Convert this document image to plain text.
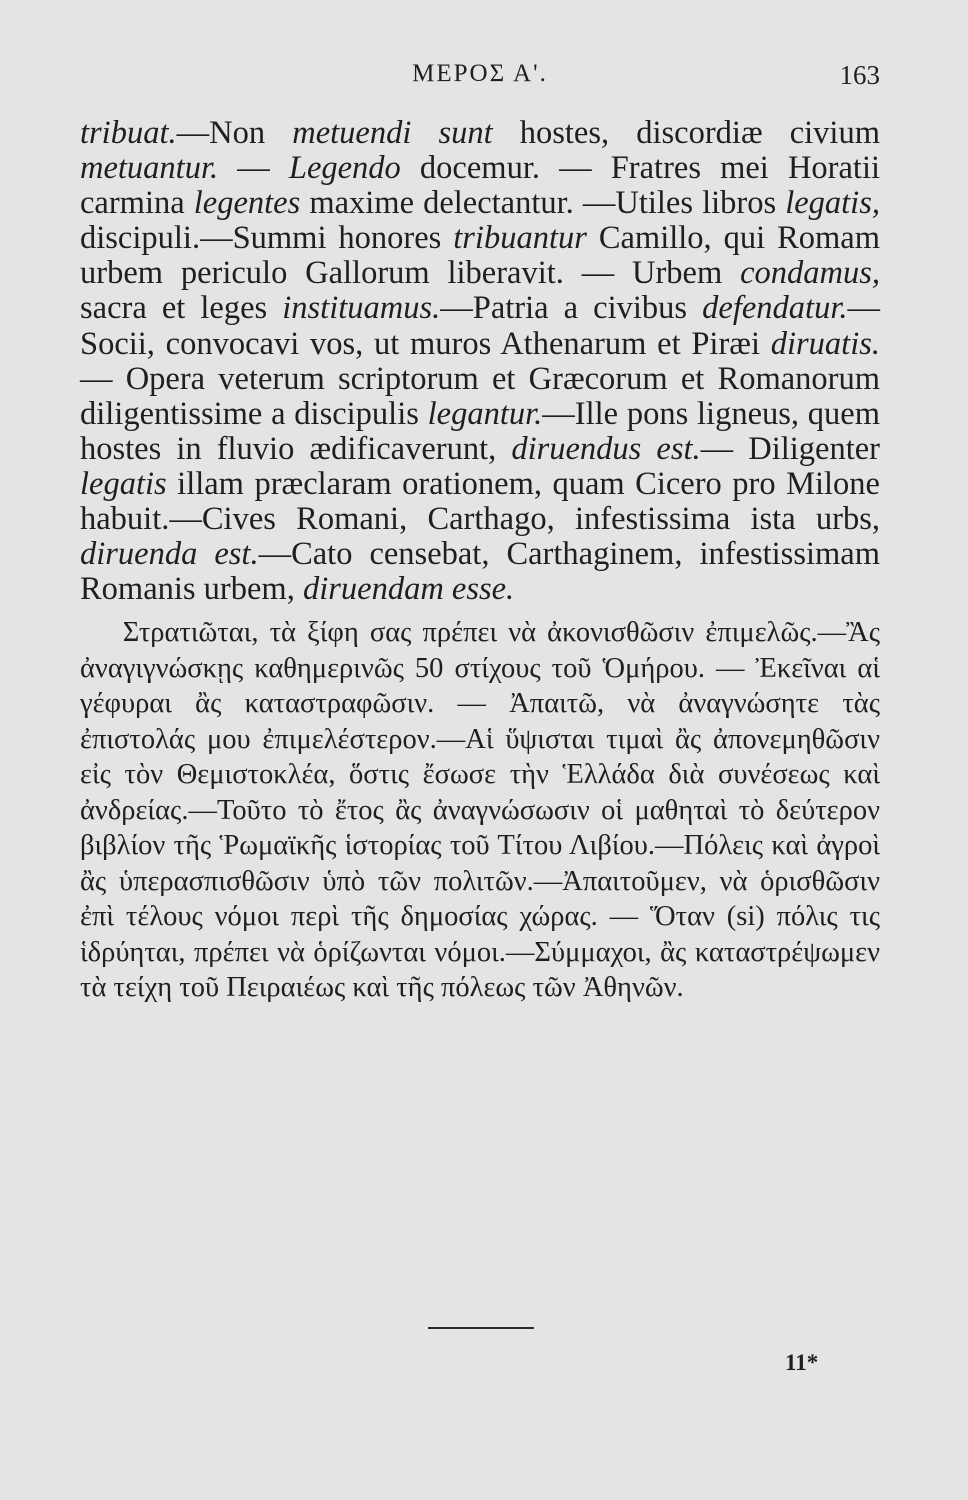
ΜΕΡΟΣ Α'.	163

tribuat.—Non metuendi sunt hostes, discordiæ civium metuantur. — Legendo docemur. — Fratres mei Horatii carmina legentes maxime delectantur. —Utiles libros legatis, discipuli.—Summi honores tribuantur Camillo, qui Romam urbem periculo Gallorum liberavit. — Urbem condamus, sacra et leges instituamus.—Patria a civibus defendatur.— Socii, convocavi vos, ut muros Athenarum et Piræi diruatis.— Opera veterum scriptorum et Græcorum et Romanorum diligentissime a discipulis legantur.—Ille pons ligneus, quem hostes in fluvio ædificaverunt, diruendus est.— Diligenter legatis illam præclaram orationem, quam Cicero pro Milone habuit.—Cives Romani, Carthago, infestissima ista urbs, diruenda est.—Cato censebat, Carthaginem, infestissimam Romanis urbem, diruendam esse.

Στρατιῶται, τὰ ξίφη σας πρέπει νὰ ἀκονισθῶσιν ἐπιμελῶς.—Ἂς ἀναγιγνώσκῃς καθημερινῶς 50 στίχους τοῦ Ὁμήρου. — Ἐκεῖναι αἱ γέφυραι ἂς καταστραφῶσιν. — Ἀπαιτῶ, νὰ ἀναγνώσητε τὰς ἐπιστολάς μου ἐπιμελέστερον.—Αἱ ὕψισται τιμαὶ ἂς ἀπονεμηθῶσιν εἰς τὸν Θεμιστοκλέα, ὅστις ἔσωσε τὴν Ἑλλάδα διὰ συνέσεως καὶ ἀνδρείας.—Τοῦτο τὸ ἔτος ἂς ἀναγνώσωσιν οἱ μαθηταὶ τὸ δεύτερον βιβλίον τῆς Ῥωμαϊκῆς ἱστορίας τοῦ Τίτου Λιβίου.—Πόλεις καὶ ἀγροὶ ἂς ὑπερασπισθῶσιν ὑπὸ τῶν πολιτῶν.—Ἀπαιτοῦμεν, νὰ ὁρισθῶσιν ἐπὶ τέλους νόμοι περὶ τῆς δημοσίας χώρας. — Ὅταν (si) πόλις τις ἱδρύηται, πρέπει νὰ ὁρίζωνται νόμοι.—Σύμμαχοι, ἂς καταστρέψωμεν τὰ τείχη τοῦ Πειραιέως καὶ τῆς πόλεως τῶν Ἀθηνῶν.

11*
